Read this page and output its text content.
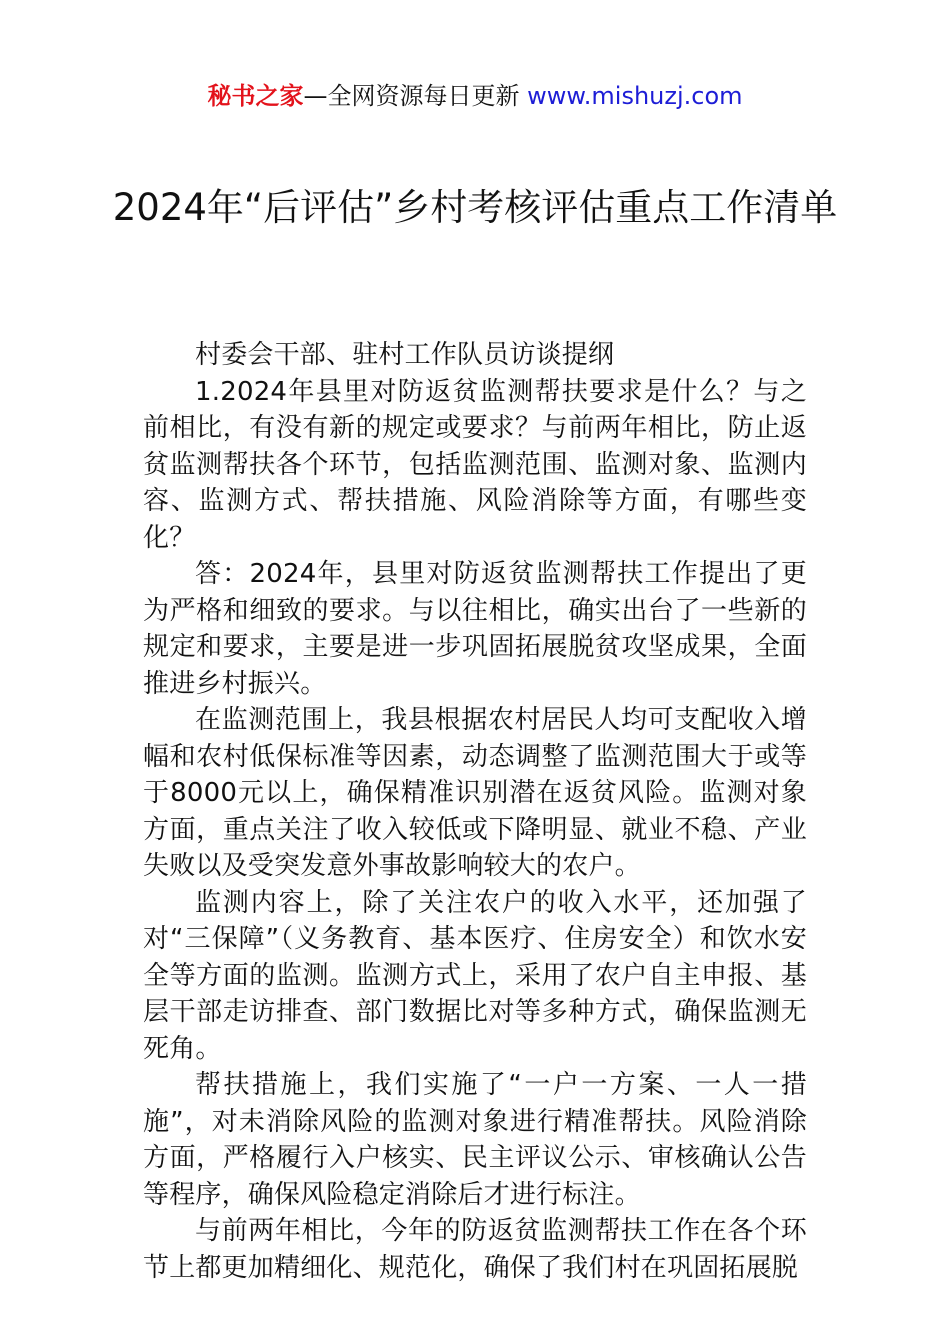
秘书之家—全网资源每日更新 www.mishuzj.com
2024年“后评估”乡村考核评估重点工作清单

村委会干部、驻村工作队员访谈提纲

1.2024年县里对防返贫监测帮扶要求是什么？与之前相比，有没有新的规定或要求？与前两年相比，防止返贫监测帮扶各个环节，包括监测范围、监测对象、监测内容、监测方式、帮扶措施、风险消除等方面，有哪些变化？

答：2024年，县里对防返贫监测帮扶工作提出了更为严格和细致的要求。与以往相比，确实出台了一些新的规定和要求，主要是进一步巩固拓展脱贫攻坚成果，全面推进乡村振兴。

在监测范围上，我县根据农村居民人均可支配收入增幅和农村低保标准等因素，动态调整了监测范围大于或等于8000元以上，确保精准识别潜在返贫风险。监测对象方面，重点关注了收入较低或下降明显、就业不稳、产业失败以及受突发意外事故影响较大的农户。

监测内容上，除了关注农户的收入水平，还加强了对“三保障”（义务教育、基本医疗、住房安全）和饮水安全等方面的监测。监测方式上，采用了农户自主申报、基层干部走访排查、部门数据比对等多种方式，确保监测无死角。

帮扶措施上，我们实施了“一户一方案、一人一措施”，对未消除风险的监测对象进行精准帮扶。风险消除方面，严格履行入户核实、民主评议公示、审核确认公告等程序，确保风险稳定消除后才进行标注。

与前两年相比，今年的防返贫监测帮扶工作在各个环节上都更加精细化、规范化，确保了我们村在巩固拓展脱
